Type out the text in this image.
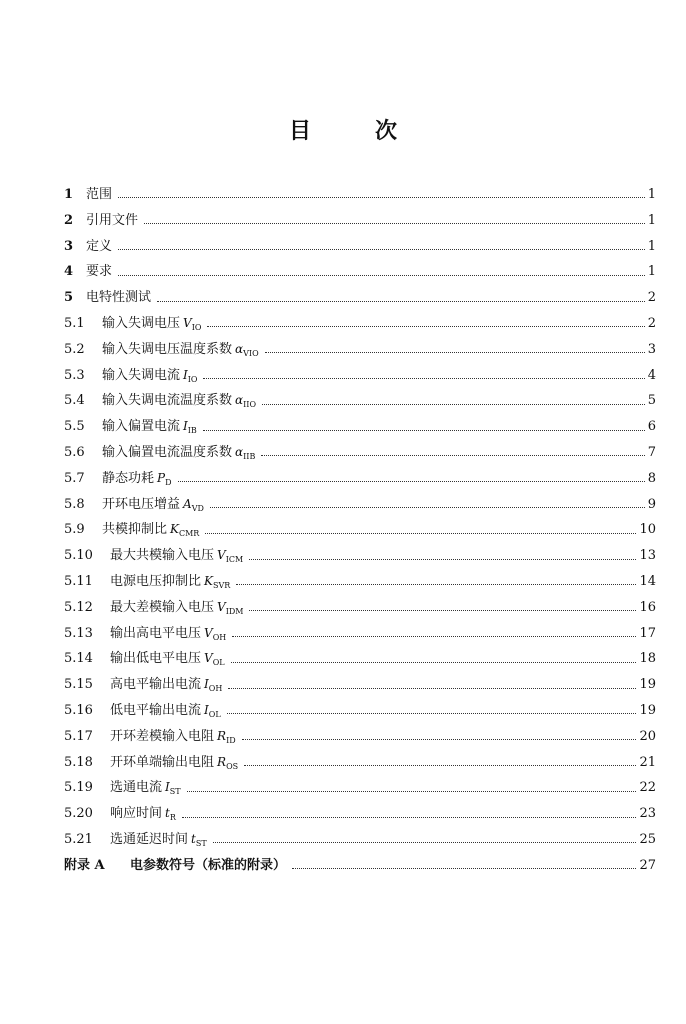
目	次
1 范围	1
2 引用文件	1
3 定义	1
4 要求	1
5 电特性测试	2
5.1	输入失调电压 $V_{IO}$	2
5.2	输入失调电压温度系数 $\alpha_{VIO}$	3
5.3	输入失调电流 $I_{IO}$	4
5.4	输入失调电流温度系数 $\alpha_{IIO}$	5
5.5	输入偏置电流 $I_{IB}$	6
5.6	输入偏置电流温度系数 $\alpha_{IIB}$	7
5.7	静态功耗 $P_D$	8
5.8	开环电压增益 $A_{VD}$	9
5.9	共模抑制比 $K_{CMR}$	10
5.10	最大共模输入电压 $V_{ICM}$	13
5.11	电源电压抑制比 $K_{SVR}$	14
5.12	最大差模输入电压 $V_{IDM}$	16
5.13	输出高电平电压 $V_{OH}$	17
5.14	输出低电平电压 $V_{OL}$	18
5.15	高电平输出电流 $I_{OH}$	19
5.16	低电平输出电流 $I_{OL}$	19
5.17	开环差模输入电阻 $R_{ID}$	20
5.18	开环单端输出电阻 $R_{OS}$	21
5.19	选通电流 $I_{ST}$	22
5.20	响应时间 $t_R$	23
5.21	选通延迟时间 $t_{ST}$	25
附录 A	电参数符号（标准的附录）	27
